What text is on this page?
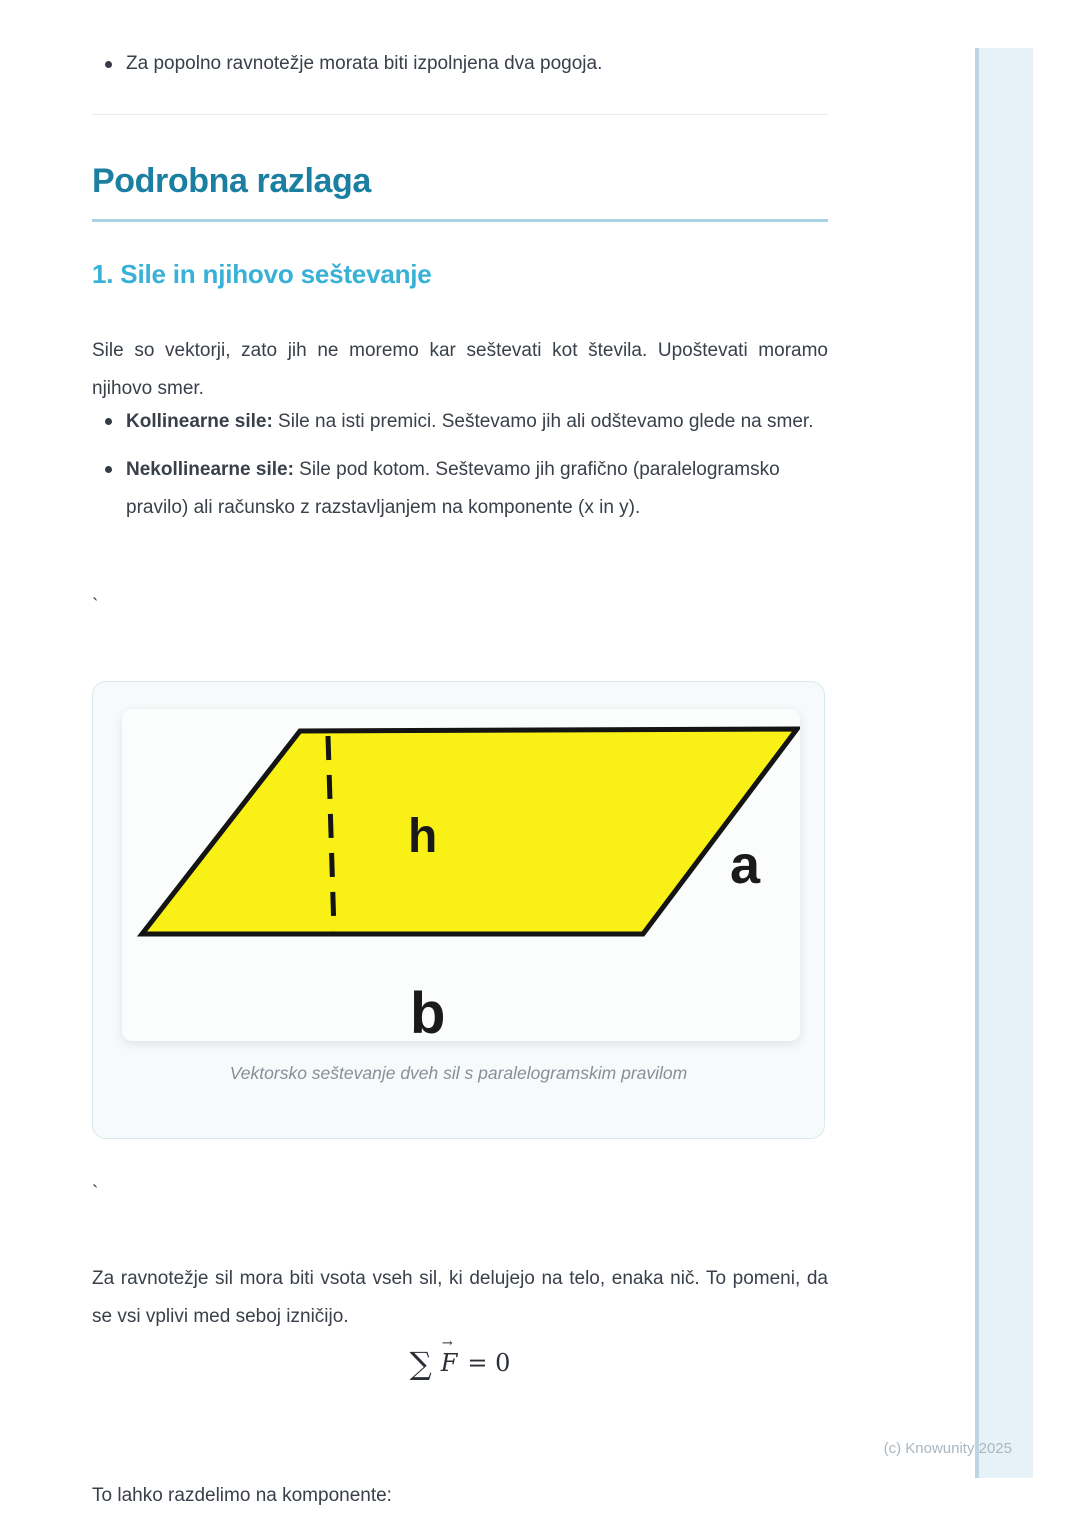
Za popolno ravnotežje morata biti izpolnjena dva pogoja.
Podrobna razlaga
1. Sile in njihovo seštevanje

Sile so vektorji, zato jih ne moremo kar seštevati kot števila. Upoštevati moramo njihovo smer.

Kollinearne sile: Sile na isti premici. Seštevamo jih ali odštevamo glede na smer.
Nekollinearne sile: Sile pod kotom. Seštevamo jih grafično (paralelogramsko pravilo) ali računsko z razstavljanjem na komponente (x in y).
`
h	a
b
Vektorsko seštevanje dveh sil s paralelogramskim pravilom
`

Za ravnotežje sil mora biti vsota vseh sil, ki delujejo na telo, enaka nič. To pomeni, da se vsi vplivi med seboj izničijo.

∑
→
F = 0

To lahko razdelimo na komponente:

(c) Knowunity 2025
